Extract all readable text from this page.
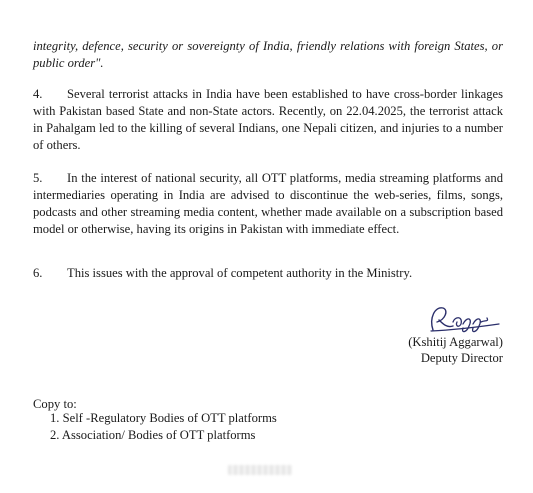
integrity, defence, security or sovereignty of India, friendly relations with foreign States, or public order".
4. Several terrorist attacks in India have been established to have cross-border linkages with Pakistan based State and non-State actors. Recently, on 22.04.2025, the terrorist attack in Pahalgam led to the killing of several Indians, one Nepali citizen, and injuries to a number of others.
5. In the interest of national security, all OTT platforms, media streaming platforms and intermediaries operating in India are advised to discontinue the web-series, films, songs, podcasts and other streaming media content, whether made available on a subscription based model or otherwise, having its origins in Pakistan with immediate effect.
6. This issues with the approval of competent authority in the Ministry.
(Kshitij Aggarwal)
Deputy Director
Copy to:
1. Self -Regulatory Bodies of OTT platforms
2. Association/ Bodies of OTT platforms
